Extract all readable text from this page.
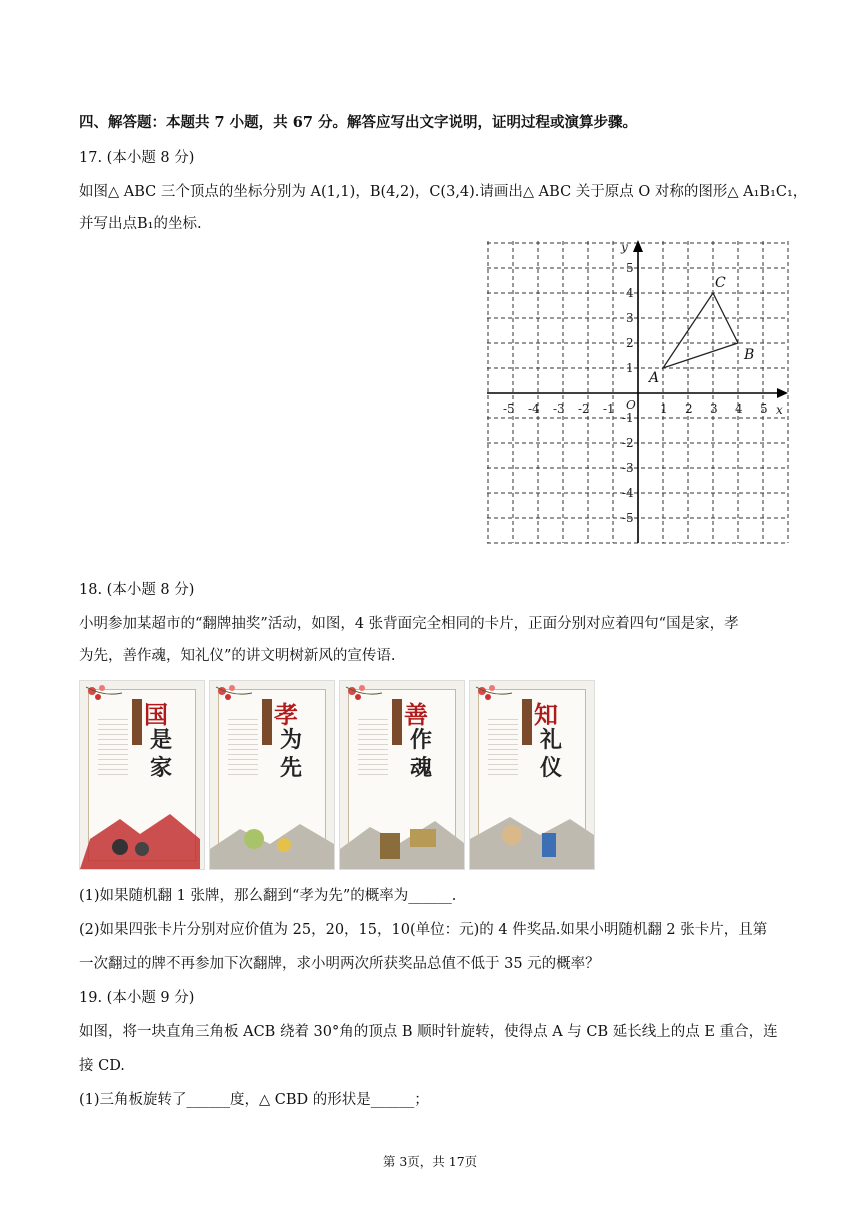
四、解答题：本题共 7 小题，共 67 分。解答应写出文字说明，证明过程或演算步骤。
17. (本小题 8 分)
如图△ ABC 三个顶点的坐标分别为 A(1,1)，B(4,2)，C(3,4).请画出△ ABC 关于原点 O 对称的图形△ A₁B₁C₁，
并写出点B₁的坐标.
-5 -4 -3 -2 -1	1 2 3 4 5
5
4
3
2
1
-1
-2
-3
-4
-5
O	x
y
A
B
C
18. (本小题 8 分)
小明参加某超市的“翻牌抽奖”活动，如图，4 张背面完全相同的卡片，正面分别对应着四句“国是家，孝
为先，善作魂，知礼仪”的讲文明树新风的宣传语.
国
是
家
孝
为
先
善
作
魂
知
礼
仪
(1)如果随机翻 1 张牌，那么翻到“孝为先”的概率为______.
(2)如果四张卡片分别对应价值为 25，20，15，10(单位：元)的 4 件奖品.如果小明随机翻 2 张卡片，且第
一次翻过的牌不再参加下次翻牌，求小明两次所获奖品总值不低于 35 元的概率？
19. (本小题 9 分)
如图，将一块直角三角板 ACB 绕着 30°角的顶点 B 顺时针旋转，使得点 A 与 CB 延长线上的点 E 重合，连
接 CD.
(1)三角板旋转了______度，△ CBD 的形状是______；
第 3页，共 17页
